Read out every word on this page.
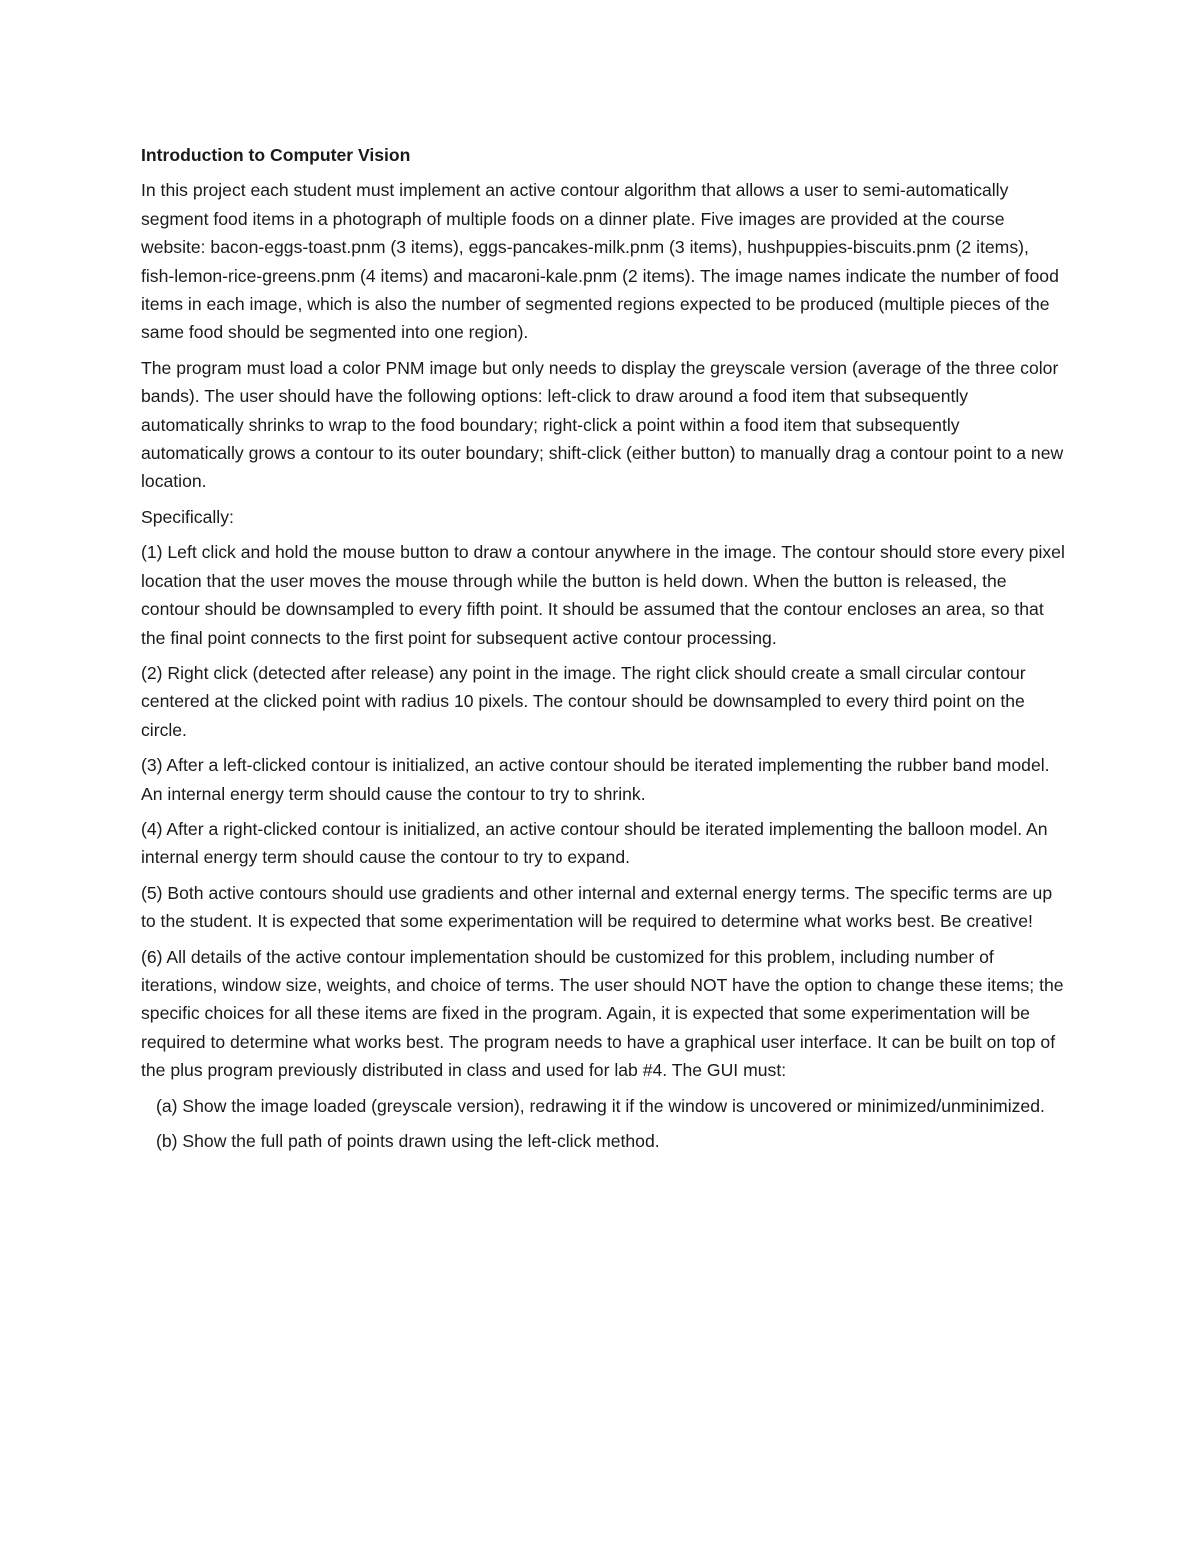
Introduction to Computer Vision

In this project each student must implement an active contour algorithm that allows a user to semi-automatically segment food items in a photograph of multiple foods on a dinner plate. Five images are provided at the course website: bacon-eggs-toast.pnm (3 items), eggs-pancakes-milk.pnm (3 items), hushpuppies-biscuits.pnm (2 items), fish-lemon-rice-greens.pnm (4 items) and macaroni-kale.pnm (2 items). The image names indicate the number of food items in each image, which is also the number of segmented regions expected to be produced (multiple pieces of the same food should be segmented into one region).

The program must load a color PNM image but only needs to display the greyscale version (average of the three color bands). The user should have the following options: left-click to draw around a food item that subsequently automatically shrinks to wrap to the food boundary; right-click a point within a food item that subsequently automatically grows a contour to its outer boundary; shift-click (either button) to manually drag a contour point to a new location.

Specifically:

(1) Left click and hold the mouse button to draw a contour anywhere in the image. The contour should store every pixel location that the user moves the mouse through while the button is held down. When the button is released, the contour should be downsampled to every fifth point. It should be assumed that the contour encloses an area, so that the final point connects to the first point for subsequent active contour processing.

(2) Right click (detected after release) any point in the image. The right click should create a small circular contour centered at the clicked point with radius 10 pixels. The contour should be downsampled to every third point on the circle.

(3) After a left-clicked contour is initialized, an active contour should be iterated implementing the rubber band model. An internal energy term should cause the contour to try to shrink.

(4) After a right-clicked contour is initialized, an active contour should be iterated implementing the balloon model. An internal energy term should cause the contour to try to expand.

(5) Both active contours should use gradients and other internal and external energy terms. The specific terms are up to the student. It is expected that some experimentation will be required to determine what works best. Be creative!

(6) All details of the active contour implementation should be customized for this problem, including number of iterations, window size, weights, and choice of terms. The user should NOT have the option to change these items; the specific choices for all these items are fixed in the program. Again, it is expected that some experimentation will be required to determine what works best. The program needs to have a graphical user interface. It can be built on top of the plus program previously distributed in class and used for lab #4. The GUI must:

(a) Show the image loaded (greyscale version), redrawing it if the window is uncovered or minimized/unminimized.

(b) Show the full path of points drawn using the left-click method.
